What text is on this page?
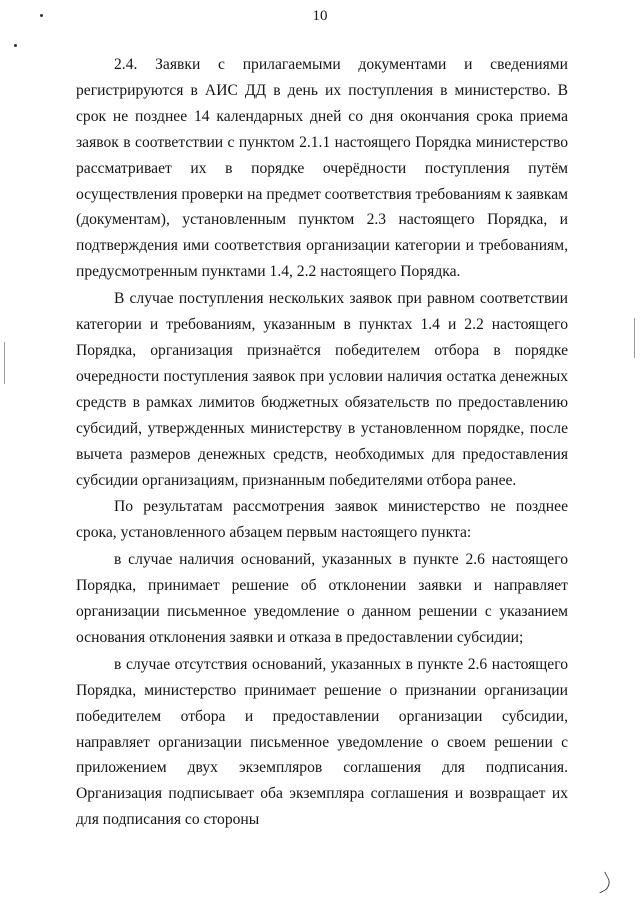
10

2.4. Заявки с прилагаемыми документами и сведениями регистрируются в АИС ДД в день их поступления в министерство. В срок не позднее 14 календарных дней со дня окончания срока приема заявок в соответствии с пунктом 2.1.1 настоящего Порядка министерство рассматривает их в порядке очерёдности поступления путём осуществления проверки на предмет соответствия требованиям к заявкам (документам), установленным пунктом 2.3 настоящего Порядка, и подтверждения ими соответствия организации категории и требованиям, предусмотренным пунктами 1.4, 2.2 настоящего Порядка.

В случае поступления нескольких заявок при равном соответствии категории и требованиям, указанным в пунктах 1.4 и 2.2 настоящего Порядка, организация признаётся победителем отбора в порядке очередности поступления заявок при условии наличия остатка денежных средств в рамках лимитов бюджетных обязательств по предоставлению субсидий, утвержденных министерству в установленном порядке, после вычета размеров денежных средств, необходимых для предоставления субсидии организациям, признанным победителями отбора ранее.

По результатам рассмотрения заявок министерство не позднее срока, установленного абзацем первым настоящего пункта:

в случае наличия оснований, указанных в пункте 2.6 настоящего Порядка, принимает решение об отклонении заявки и направляет организации письменное уведомление о данном решении с указанием основания отклонения заявки и отказа в предоставлении субсидии;

в случае отсутствия оснований, указанных в пункте 2.6 настоящего Порядка, министерство принимает решение о признании организации победителем отбора и предоставлении организации субсидии, направляет организации письменное уведомление о своем решении с приложением двух экземпляров соглашения для подписания. Организация подписывает оба экземпляра соглашения и возвращает их для подписания со стороны
